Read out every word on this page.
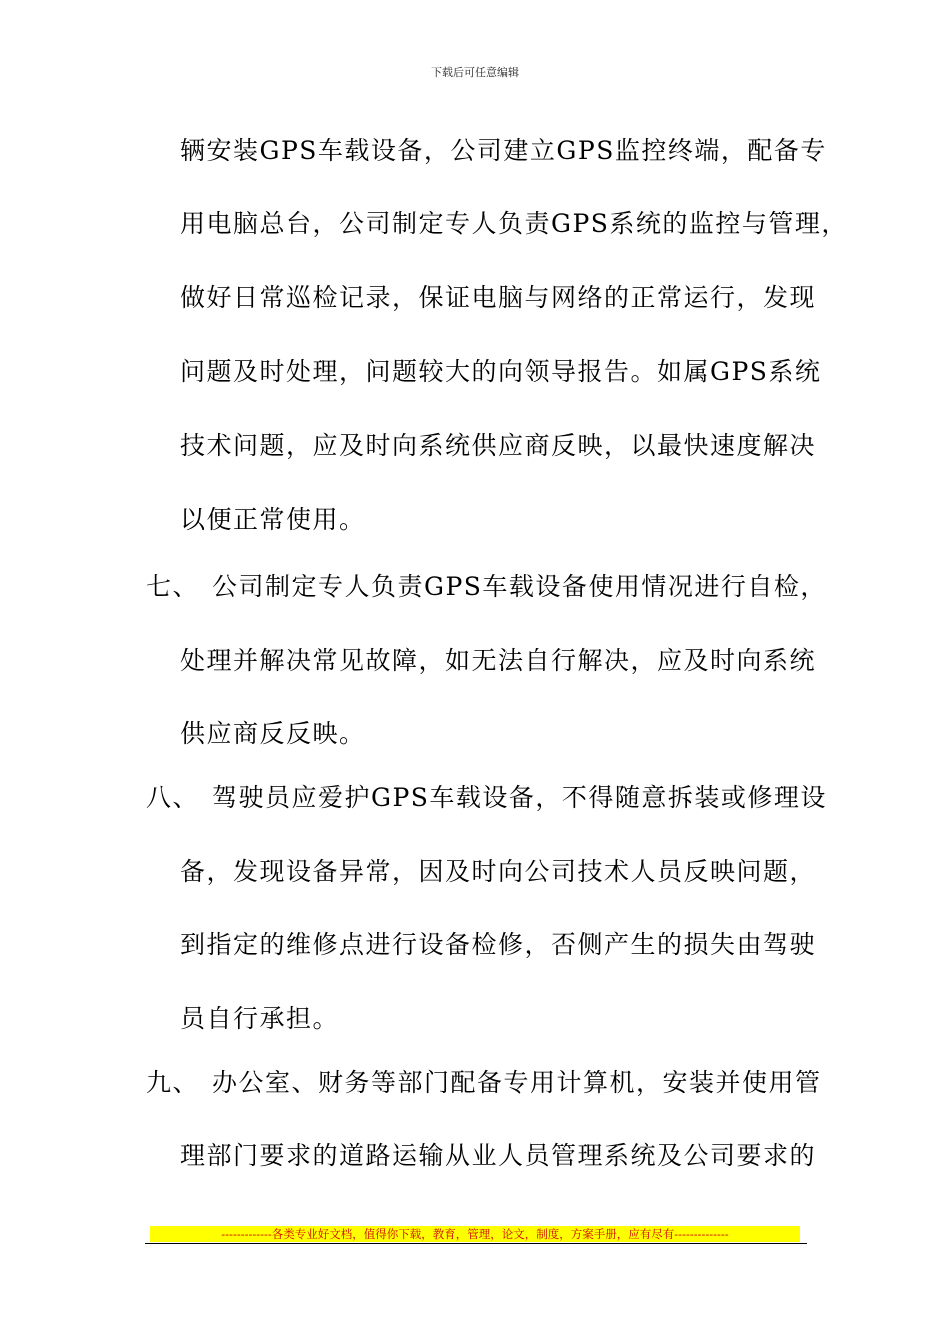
下载后可任意编辑
辆安装GPS车载设备，公司建立GPS监控终端，配备专
用电脑总台，公司制定专人负责GPS系统的监控与管理，
做好日常巡检记录，保证电脑与网络的正常运行，发现
问题及时处理，问题较大的向领导报告。如属GPS系统
技术问题，应及时向系统供应商反映，以最快速度解决
以便正常使用。
七、 公司制定专人负责GPS车载设备使用情况进行自检，
处理并解决常见故障，如无法自行解决，应及时向系统
供应商反反映。
八、 驾驶员应爱护GPS车载设备，不得随意拆装或修理设
备，发现设备异常，因及时向公司技术人员反映问题，
到指定的维修点进行设备检修，否侧产生的损失由驾驶
员自行承担。
九、 办公室、财务等部门配备专用计算机，安装并使用管
理部门要求的道路运输从业人员管理系统及公司要求的
-------------各类专业好文档，值得你下载，教育，管理，论文，制度，方案手册，应有尽有--------------
